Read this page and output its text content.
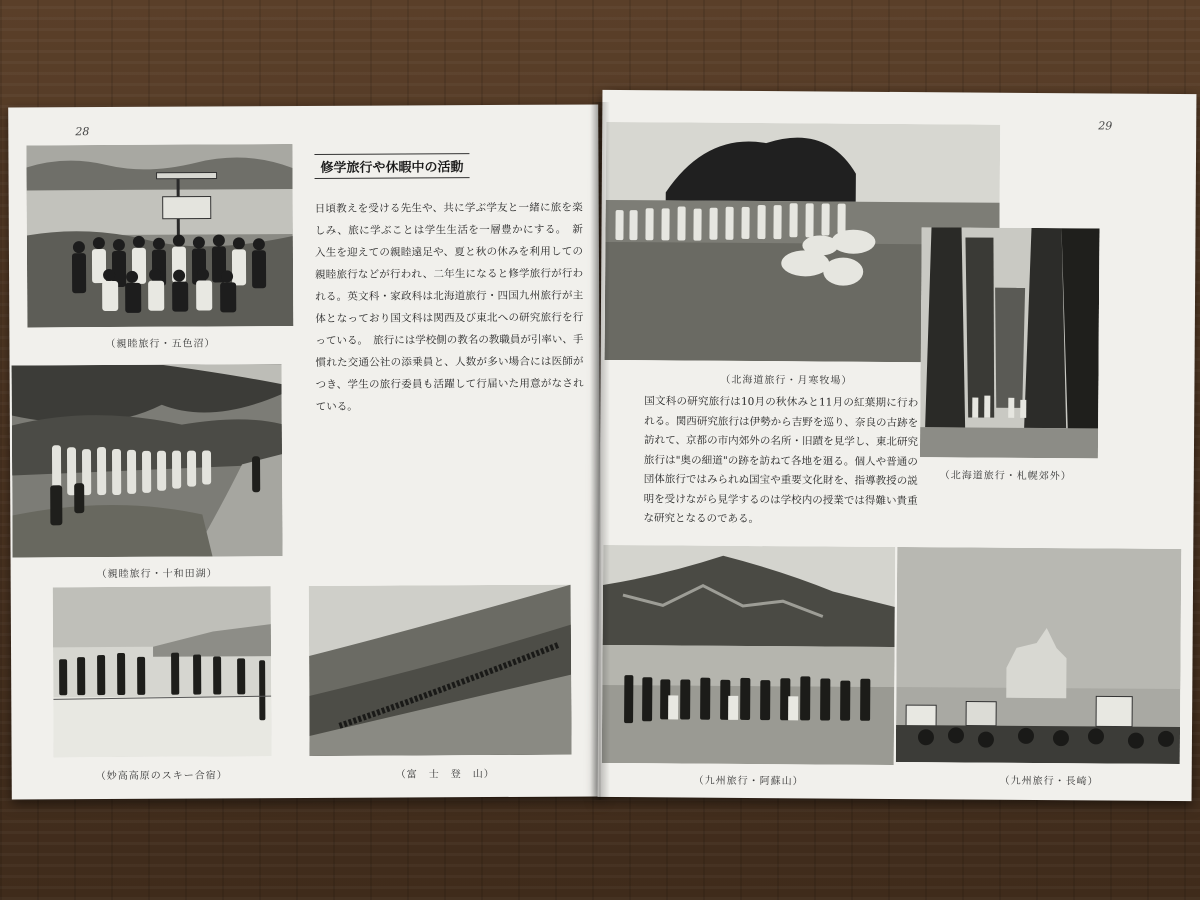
28
（親睦旅行・五色沼）
（親睦旅行・十和田湖）
（妙高高原のスキー合宿）	（富　士　登　山）
修学旅行や休暇中の活動
日頃教えを受ける先生や、共に学ぶ学友と一緒に旅を楽しみ、旅に学ぶことは学生生活を一層豊かにする。　新入生を迎えての親睦遠足や、夏と秋の休みを利用しての親睦旅行などが行われ、二年生になると修学旅行が行われる。英文科・家政科は北海道旅行・四国九州旅行が主体となっており国文科は関西及び東北への研究旅行を行っている。　旅行には学校側の教名の教職員が引率い、手慣れた交通公社の添乗員と、人数が多い場合には医師がつき、学生の旅行委員も活躍して行届いた用意がなされている。
29
（北海道旅行・月寒牧場）
（北海道旅行・札幌郊外）
国文科の研究旅行は10月の秋休みと11月の紅葉期に行われる。関西研究旅行は伊勢から吉野を巡り、奈良の古跡を訪れて、京都の市内郊外の名所・旧蹟を見学し、東北研究旅行は"奥の細道"の跡を訪ねて各地を廻る。個人や普通の団体旅行ではみられぬ国宝や重要文化財を、指導教授の説明を受けながら見学するのは学校内の授業では得難い貴重な研究となるのである。
（九州旅行・阿蘇山）	（九州旅行・長崎）
